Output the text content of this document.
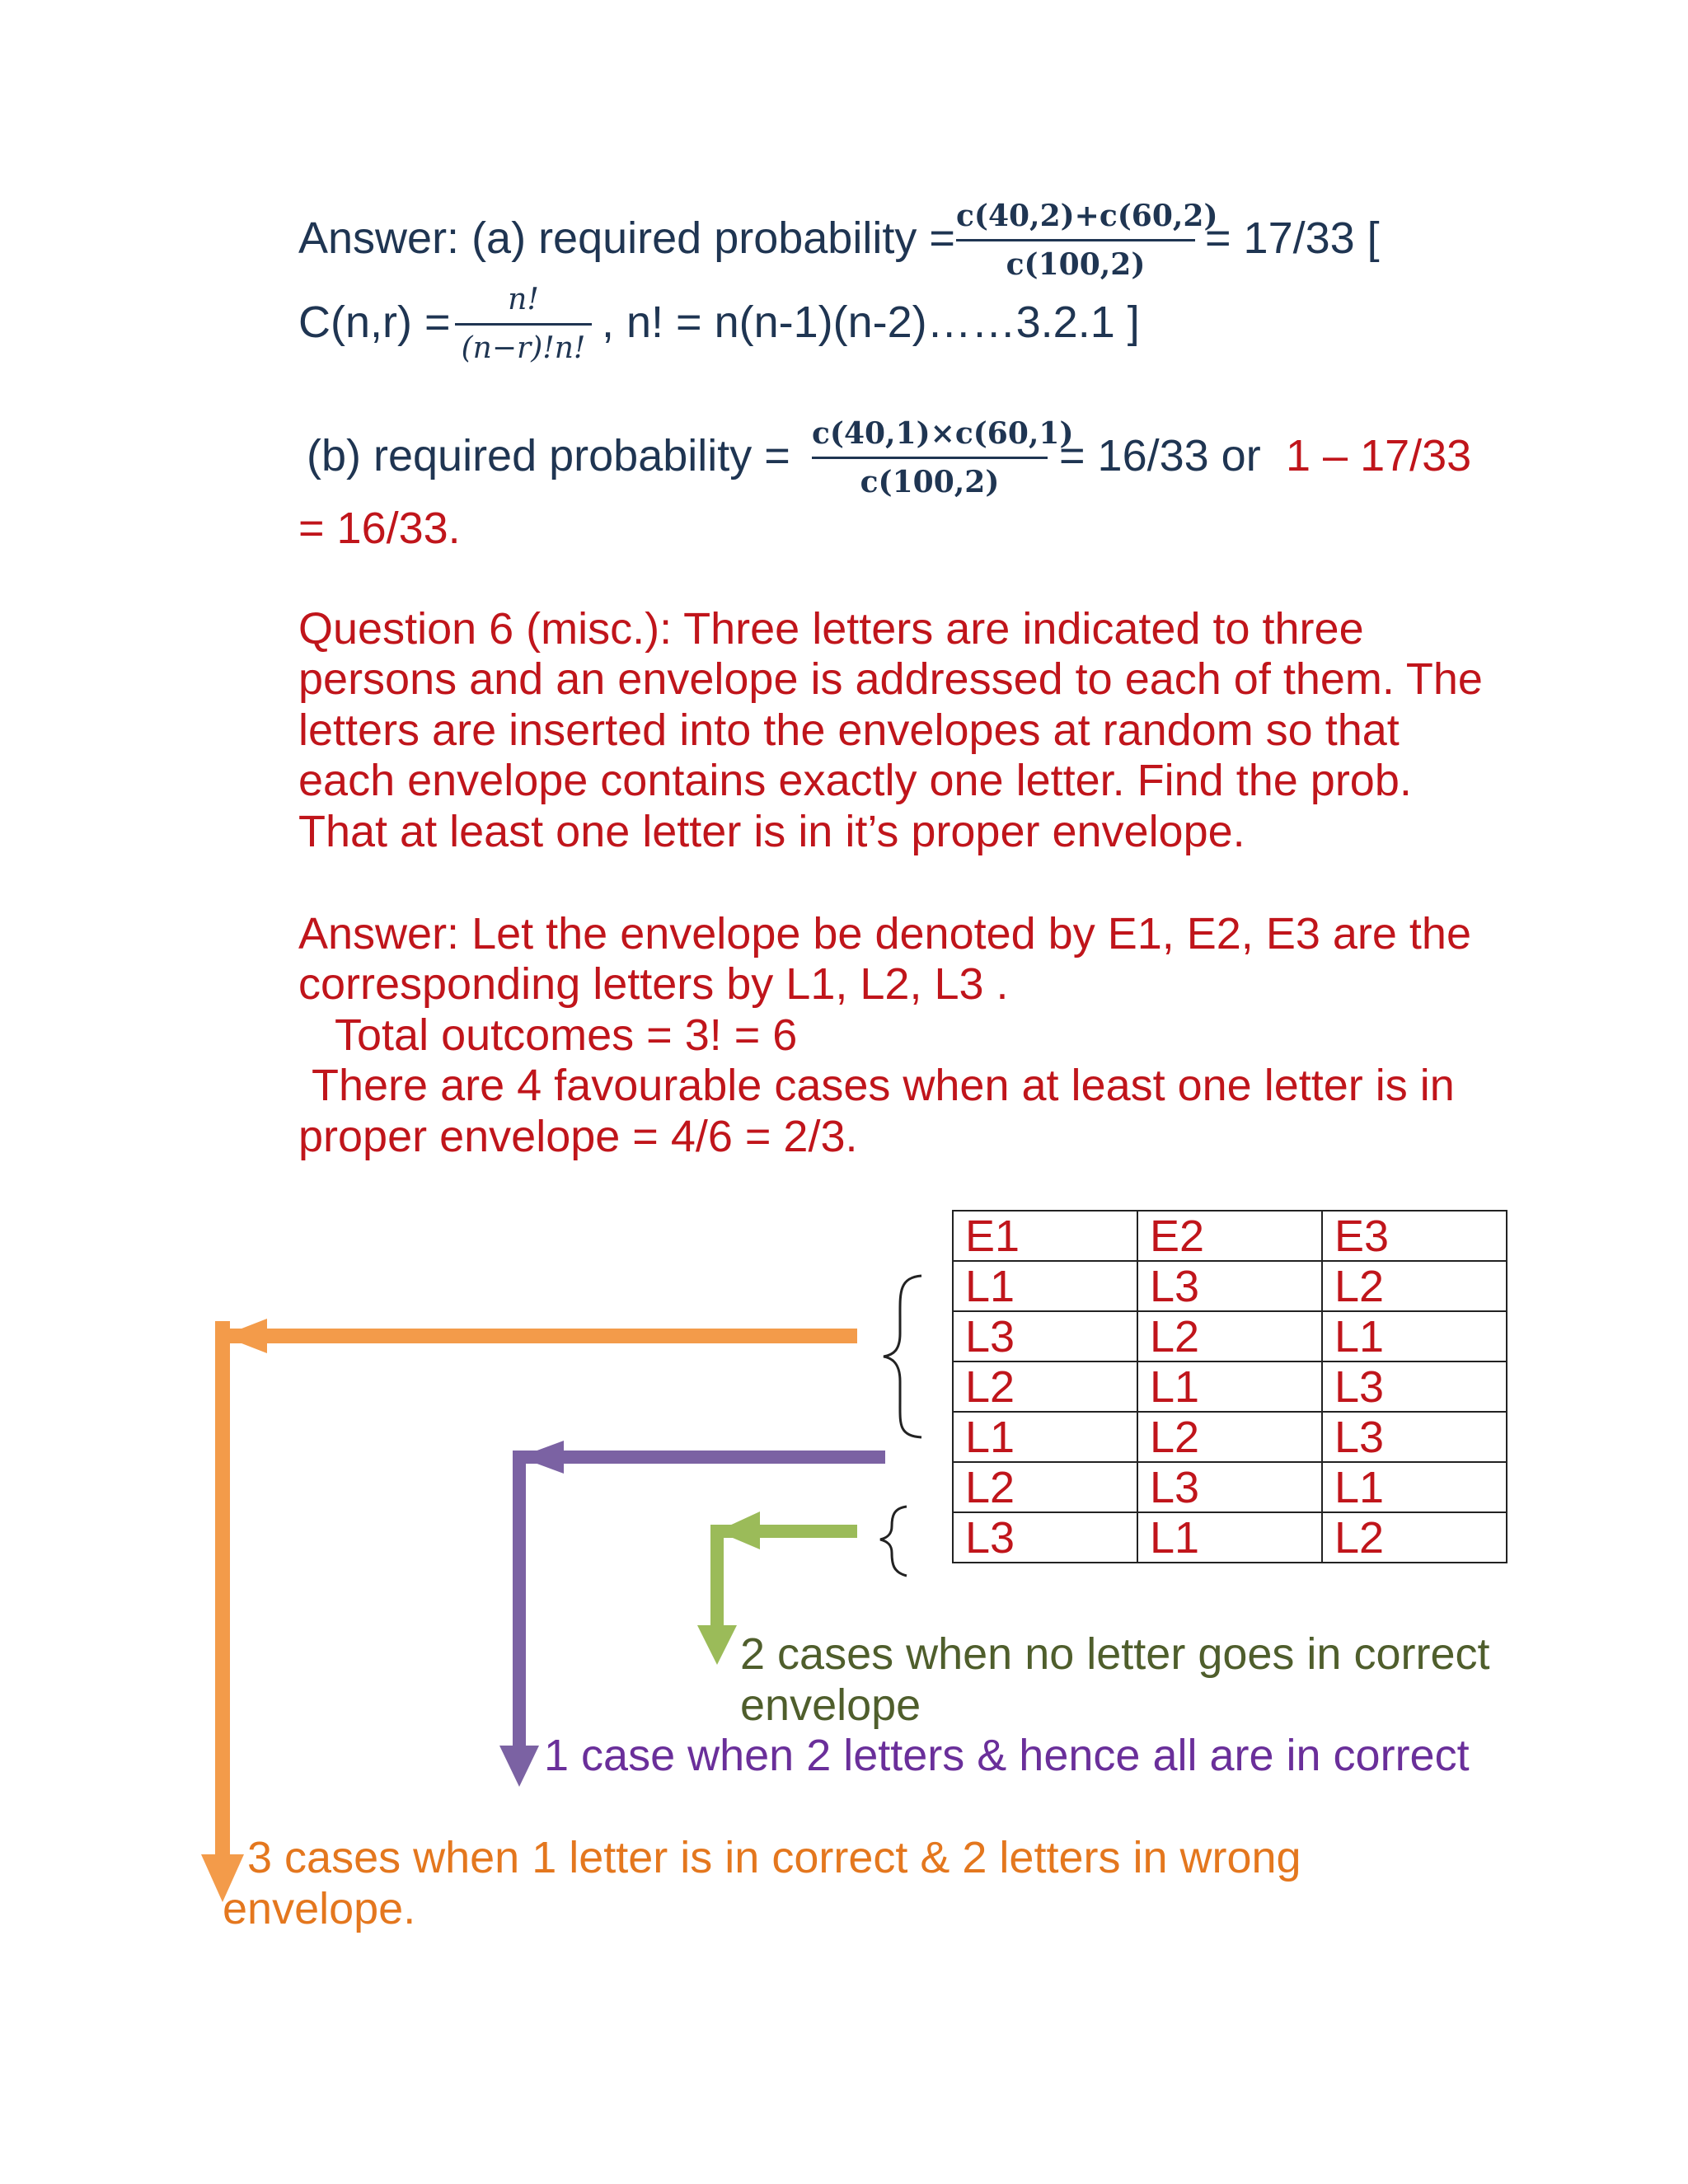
Answer: (a) required probability = c(40,2)+c(60,2)
c(100,2)
= 17/33 [
C(n,r) =	n!
(n−r)!n!
, n! = n(n-1)(n-2)……3.2.1 ]
(b) required probability = c(40,1)×c(60,1)
c(100,2)
= 16/33 or 1 – 17/33
= 16/33.
Question 6 (misc.): Three letters are indicated to three
persons and an envelope is addressed to each of them. The
letters are inserted into the envelopes at random so that
each envelope contains exactly one letter. Find the prob.
That at least one letter is in it’s proper envelope.
Answer: Let the envelope be denoted by E1, E2, E3 are the
corresponding letters by L1, L2, L3 .
Total outcomes = 3! = 6
There are 4 favourable cases when at least one letter is in
proper envelope = 4/6 = 2/3.
E1	E2	E3
L1	L3	L2
L3	L2	L1
L2	L1	L3
L1	L2	L3
L2	L3	L1
L3	L1	L2
2 cases when no letter goes in correct
envelope
1 case when 2 letters & hence all are in correct
3 cases when 1 letter is in correct & 2 letters in wrong
envelope.
